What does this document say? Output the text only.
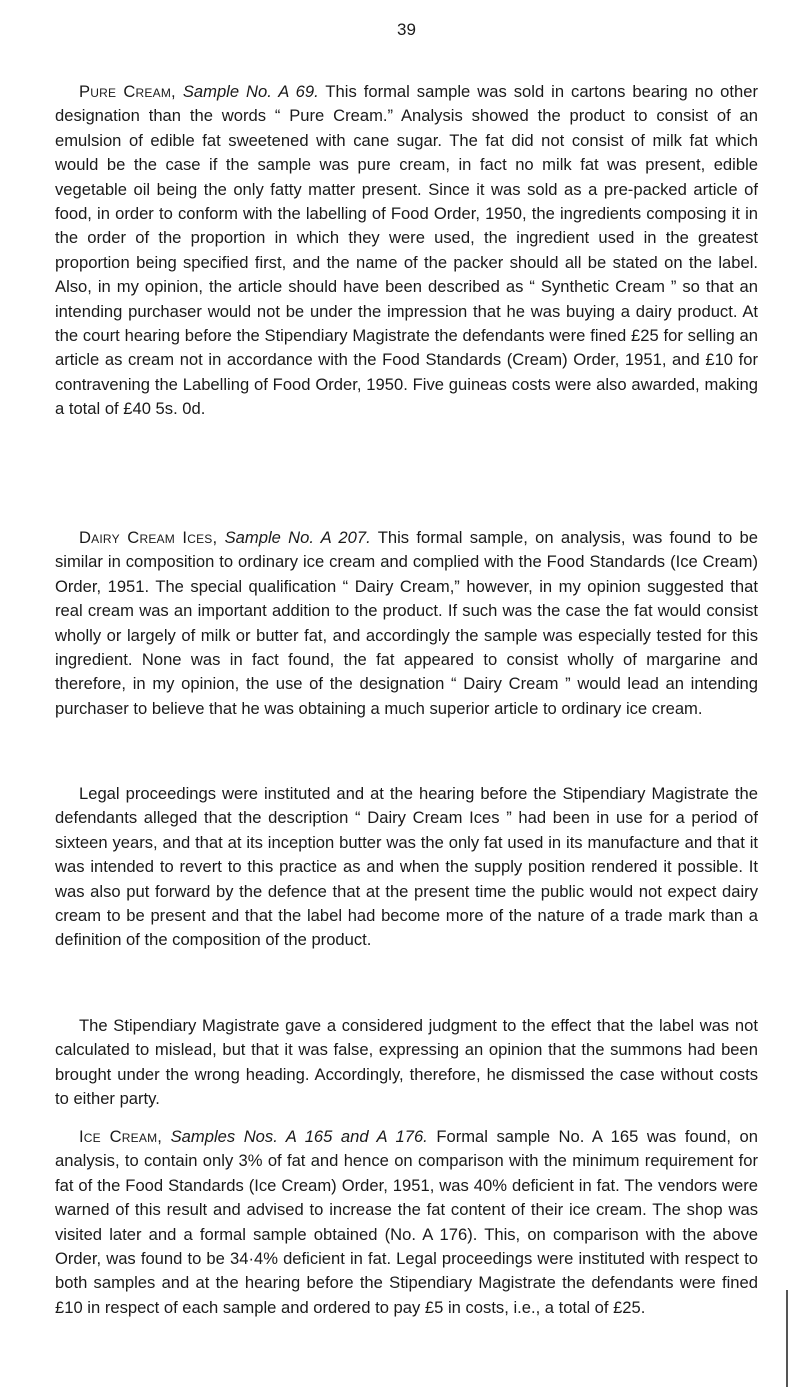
39

Pure Cream, Sample No. A 69. This formal sample was sold in cartons bearing no other designation than the words “ Pure Cream.” Analysis showed the product to consist of an emulsion of edible fat sweetened with cane sugar. The fat did not consist of milk fat which would be the case if the sample was pure cream, in fact no milk fat was present, edible vegetable oil being the only fatty matter present. Since it was sold as a pre-packed article of food, in order to conform with the labelling of Food Order, 1950, the ingredients composing it in the order of the proportion in which they were used, the ingredient used in the greatest proportion being specified first, and the name of the packer should all be stated on the label. Also, in my opinion, the article should have been described as “ Synthetic Cream ” so that an intending purchaser would not be under the impression that he was buying a dairy product. At the court hearing before the Stipendiary Magistrate the defendants were fined £25 for selling an article as cream not in accordance with the Food Standards (Cream) Order, 1951, and £10 for contravening the Labelling of Food Order, 1950. Five guineas costs were also awarded, making a total of £40 5s. 0d.

Dairy Cream Ices, Sample No. A 207. This formal sample, on analysis, was found to be similar in composition to ordinary ice cream and complied with the Food Standards (Ice Cream) Order, 1951. The special qualification “ Dairy Cream,” however, in my opinion suggested that real cream was an important addition to the product. If such was the case the fat would consist wholly or largely of milk or butter fat, and accordingly the sample was especially tested for this ingredient. None was in fact found, the fat appeared to consist wholly of margarine and therefore, in my opinion, the use of the designation “ Dairy Cream ” would lead an intending purchaser to believe that he was obtaining a much superior article to ordinary ice cream.

Legal proceedings were instituted and at the hearing before the Stipendiary Magistrate the defendants alleged that the description “ Dairy Cream Ices ” had been in use for a period of sixteen years, and that at its inception butter was the only fat used in its manufacture and that it was intended to revert to this practice as and when the supply position rendered it possible. It was also put forward by the defence that at the present time the public would not expect dairy cream to be present and that the label had become more of the nature of a trade mark than a definition of the composition of the product.

The Stipendiary Magistrate gave a considered judgment to the effect that the label was not calculated to mislead, but that it was false, expressing an opinion that the summons had been brought under the wrong heading. Accordingly, therefore, he dismissed the case without costs to either party.

Ice Cream, Samples Nos. A 165 and A 176. Formal sample No. A 165 was found, on analysis, to contain only 3% of fat and hence on comparison with the minimum requirement for fat of the Food Standards (Ice Cream) Order, 1951, was 40% deficient in fat. The vendors were warned of this result and advised to increase the fat content of their ice cream. The shop was visited later and a formal sample obtained (No. A 176). This, on comparison with the above Order, was found to be 34·4% deficient in fat. Legal proceedings were instituted with respect to both samples and at the hearing before the Stipendiary Magistrate the defendants were fined £10 in respect of each sample and ordered to pay £5 in costs, i.e., a total of £25.
